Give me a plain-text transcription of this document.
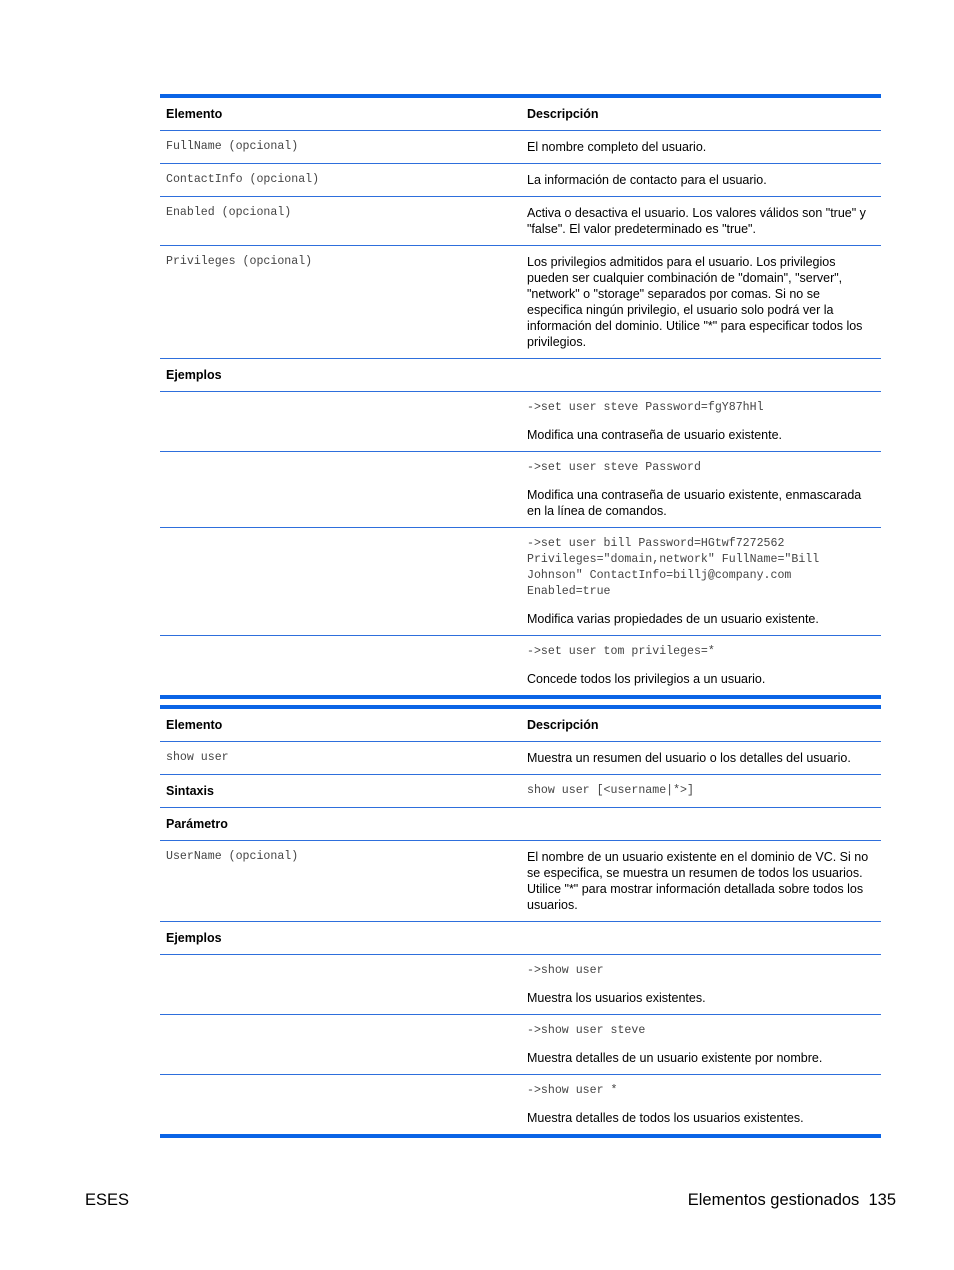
Elemento	Descripción
FullName (opcional)	El nombre completo del usuario.
ContactInfo (opcional)	La información de contacto para el usuario.
Enabled (opcional)	Activa o desactiva el usuario. Los valores válidos son "true" y "false". El valor predeterminado es "true".
Privileges (opcional)	Los privilegios admitidos para el usuario. Los privilegios pueden ser cualquier combinación de "domain", "server", "network" o "storage" separados por comas. Si no se especifica ningún privilegio, el usuario solo podrá ver la información del dominio. Utilice "*" para especificar todos los privilegios.
Ejemplos
->set user steve Password=fgY87hHl
Modifica una contraseña de usuario existente.
->set user steve Password
Modifica una contraseña de usuario existente, enmascarada en la línea de comandos.
->set user bill Password=HGtwf7272562
Privileges="domain,network" FullName="Bill
Johnson" ContactInfo=billj@company.com
Enabled=true
Modifica varias propiedades de un usuario existente.
->set user tom privileges=*
Concede todos los privilegios a un usuario.
Elemento	Descripción
show user	Muestra un resumen del usuario o los detalles del usuario.
Sintaxis	show user [<username|*>]
Parámetro
UserName (opcional)	El nombre de un usuario existente en el dominio de VC. Si no se especifica, se muestra un resumen de todos los usuarios. Utilice "*" para mostrar información detallada sobre todos los usuarios.
Ejemplos
->show user
Muestra los usuarios existentes.
->show user steve
Muestra detalles de un usuario existente por nombre.
->show user *
Muestra detalles de todos los usuarios existentes.
ESES	Elementos gestionados 135
